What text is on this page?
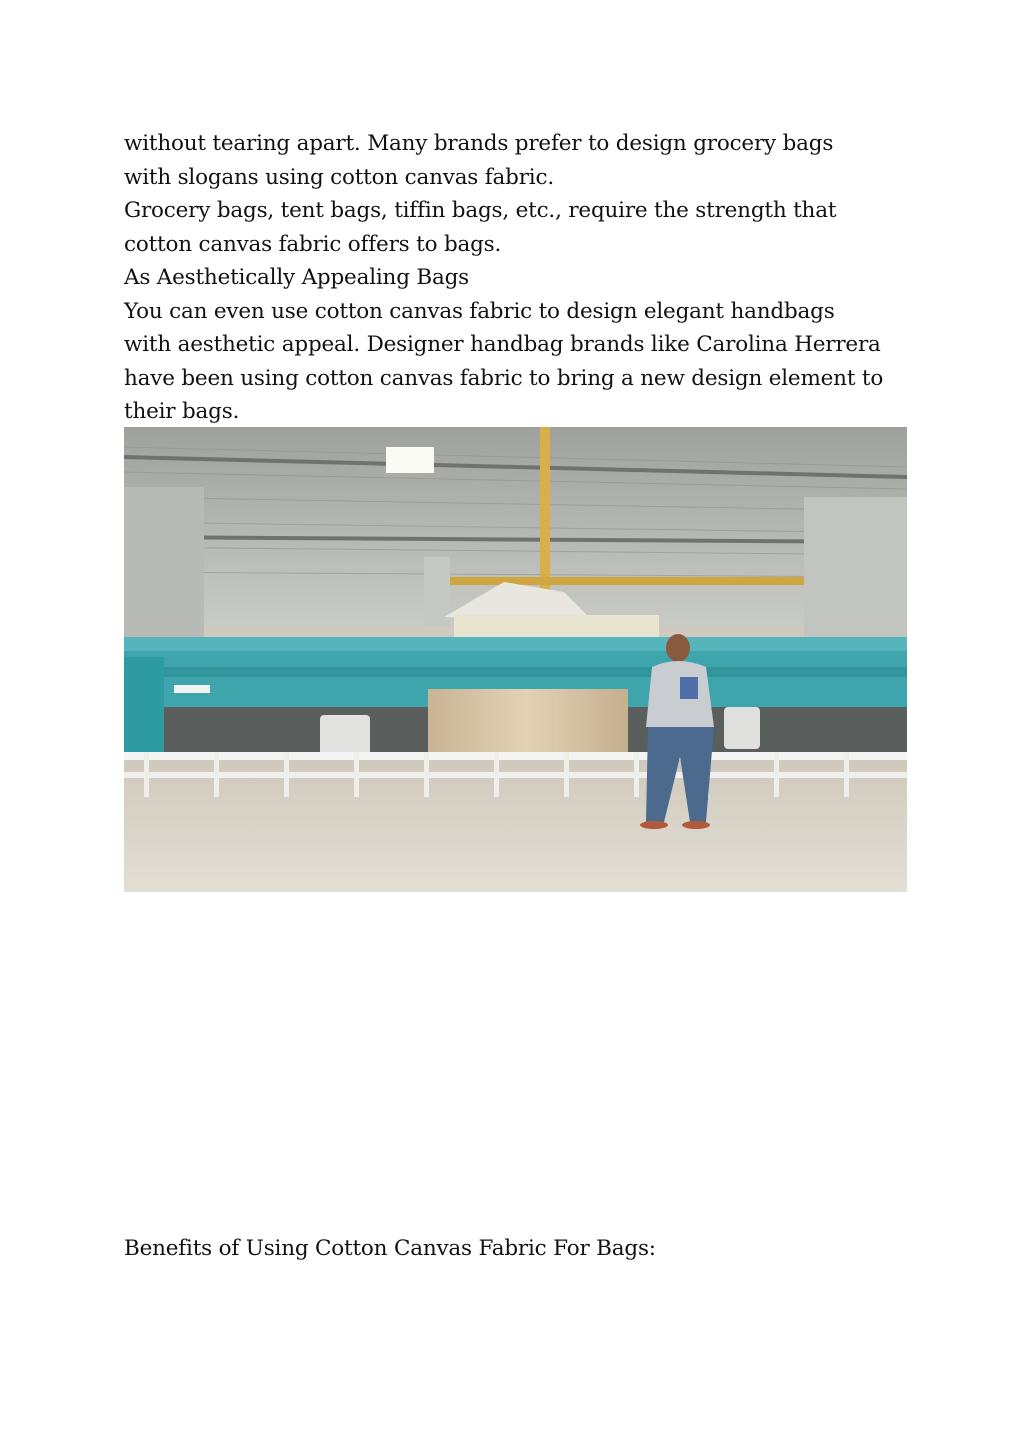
without tearing apart. Many brands prefer to design grocery bags

with slogans using cotton canvas fabric.

Grocery bags, tent bags, tiffin bags, etc., require the strength that

cotton canvas fabric offers to bags.

As Aesthetically Appealing Bags

You can even use cotton canvas fabric to design elegant handbags

with aesthetic appeal. Designer handbag brands like Carolina Herrera

have been using cotton canvas fabric to bring a new design element to

their bags.

Benefits of Using Cotton Canvas Fabric For Bags:
